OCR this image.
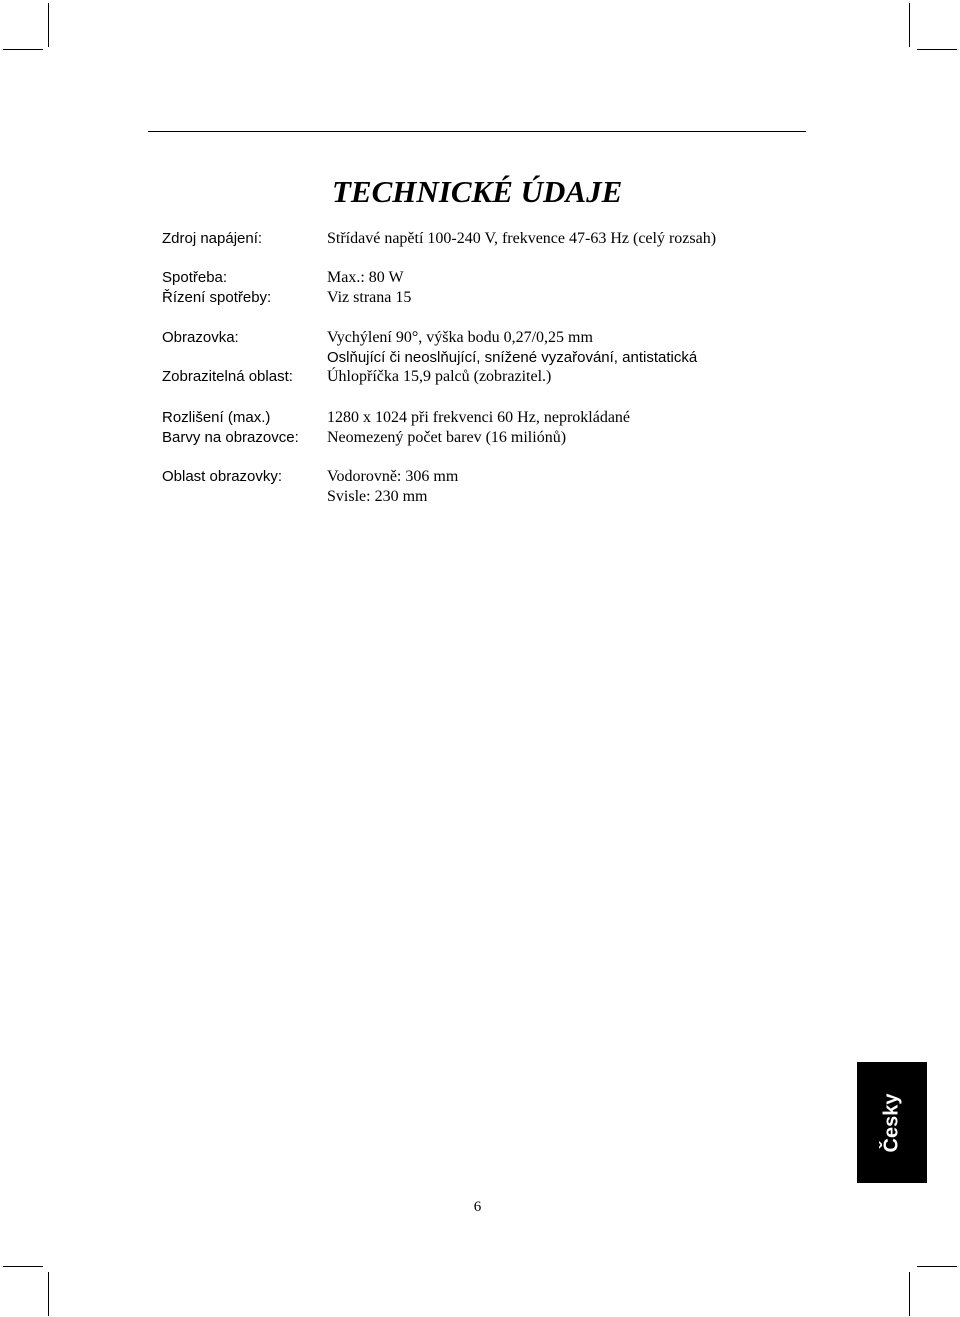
TECHNICKÉ ÚDAJE
Zdroj napájení:	Střídavé napětí 100-240 V, frekvence 47-63 Hz (celý rozsah)
Spotřeba:	Max.: 80 W
Řízení spotřeby:	Viz strana 15
Obrazovka:	Vychýlení 90°, výška bodu 0,27/0,25 mm
Oslňující či neoslňující, snížené vyzařování, antistatická
Zobrazitelná oblast: Úhlopříčka 15,9 palců (zobrazitel.)
Rozlišení (max.)	1280 x 1024 při frekvenci 60 Hz, neprokládané
Barvy na obrazovce: Neomezený počet barev (16 miliónů)
Oblast obrazovky:	Vodorovně: 306 mm
Svisle: 230 mm
Česky
6
